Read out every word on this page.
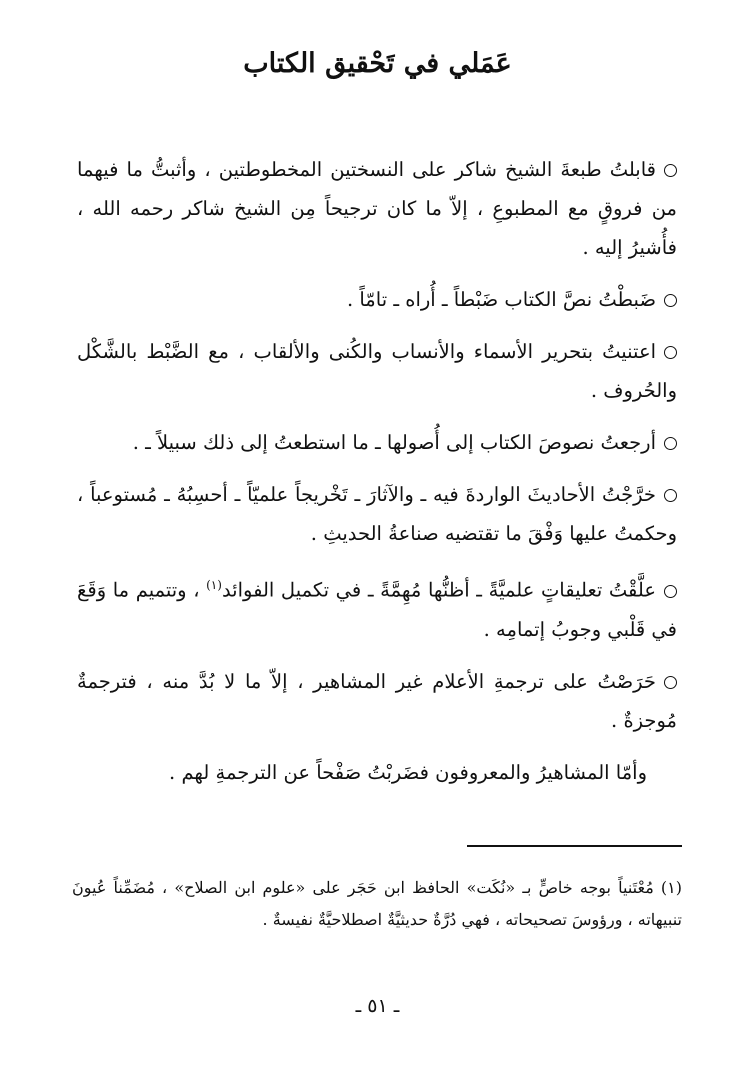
عَمَلي في تَحْقيق الكتاب
قابلتُ طبعةَ الشيخ شاكر على النسختين المخطوطتين ، وأثبتُّ ما فيهما من فروقٍ مع المطبوعِ ، إلاّ ما كان ترجيحاً مِن الشيخ شاكر رحمه الله ، فأُشيرُ إليه .
ضَبطْتُ نصَّ الكتاب ضَبْطاً ـ أُراه ـ تامّاً .
اعتنيتُ بتحرير الأسماء والأنساب والكُنى والألقاب ، مع الضَّبْط بالشَّكْل والحُروف .
أرجعتُ نصوصَ الكتاب إلى أُصولها ـ ما استطعتُ إلى ذلك سبيلاً ـ .
خرَّجْتُ الأحاديثَ الواردةَ فيه ـ والآثارَ ـ تَخْريجاً علميّاً ـ أحسِبُهُ ـ مُستوعباً ، وحكمتُ عليها وَفْقَ ما تقتضيه صناعةُ الحديثِ .
علَّقْتُ تعليقاتٍ علميَّةً ـ أظنُّها مُهِمَّةً ـ في تكميل الفوائد$^{(١)}$ ، وتتميم ما وَقَعَ في قَلْبي وجوبُ إتمامِه .
حَرَصْتُ على ترجمةِ الأعلام غير المشاهير ، إلاّ ما لا بُدَّ منه ، فترجمةٌ مُوجزةٌ .
وأمّا المشاهيرُ والمعروفون فضَربْتُ صَفْحاً عن الترجمةِ لهم .
(١) مُعْتَنياً بوجه خاصٍّ بـ «نُكَت» الحافظ ابن حَجَر على «علوم ابن الصلاح» ، مُضَمِّناً عُيونَ تنبيهاته ، ورؤوسَ تصحيحاته ، فهي دُرَّةٌ حديثيَّةٌ اصطلاحيَّةٌ نفيسةٌ .
ـ ٥١ ـ
